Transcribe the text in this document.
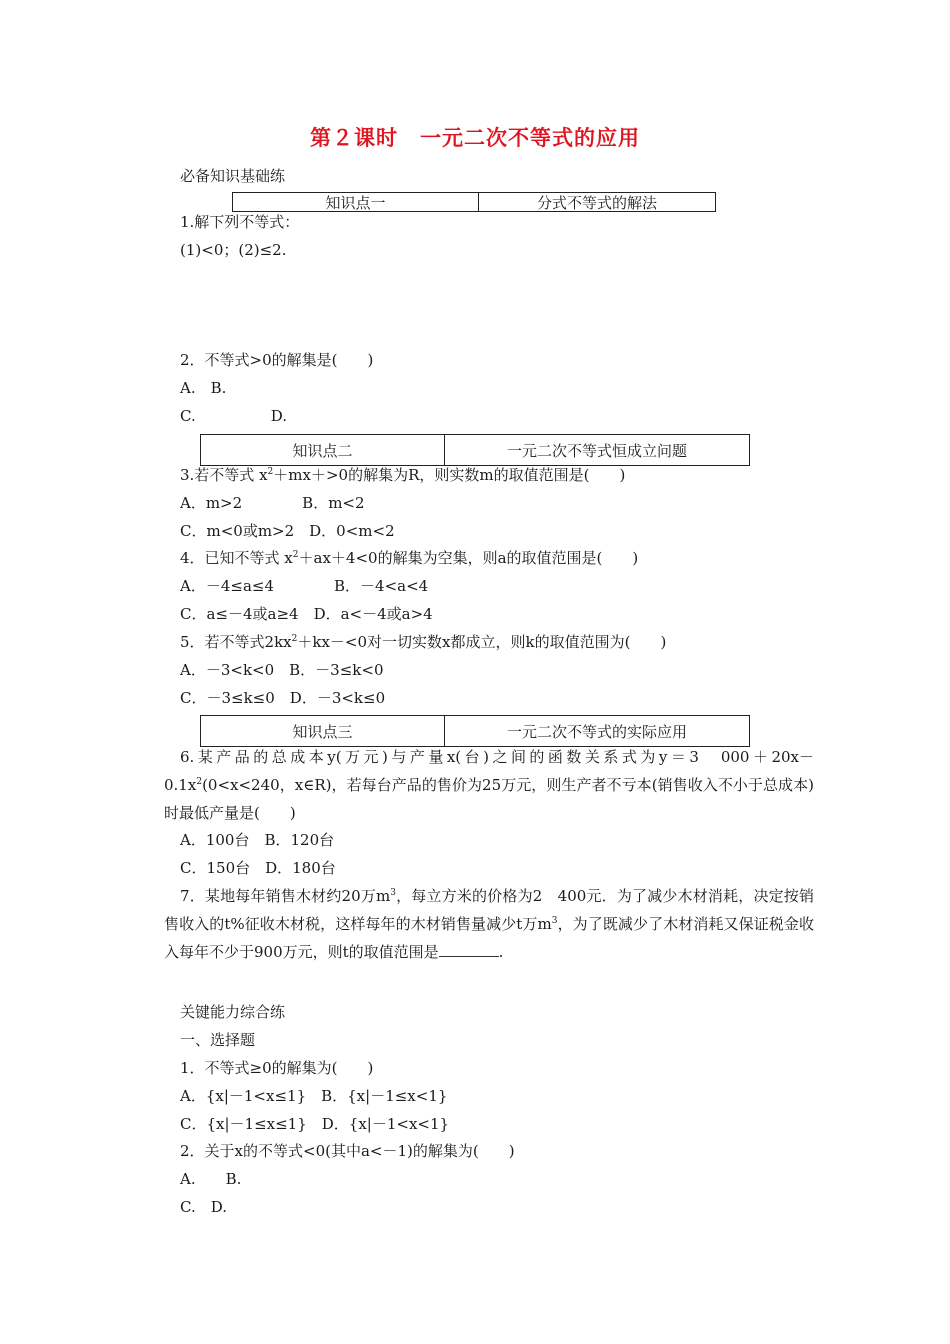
第２课时 一元二次不等式的应用
必备知识基础练
知识点一	分式不等式的解法
1.解下列不等式：
(1)<0；(2)≤2.
2．不等式>0的解集是(　　)
A.　B.
C.　　　　　D.
知识点二	一元二次不等式恒成立问题
3.若不等式 $x^2+mx+>0$的解集为R，则实数m的取值范围是(　　)
A．m>2　　　　B．m<2
C．m<0或m>2　D．0<m<2
4．已知不等式 $x^2+ax+4<0$的解集为空集，则a的取值范围是(　　)
A．－4≤a≤4　　　　B．－4<a<4
C．a≤－4或a≥4　D．a<－4或a>4
5．若不等式$2kx^2+kx-<0$对一切实数x都成立，则k的取值范围为(　　)
A．－3<k<0　B．－3≤k<0
C．－3≤k≤0　D．－3<k≤0
知识点三	一元二次不等式的实际应用
6.某产品的总成本y(万元)与产量x(台)之间的函数关系式为y＝3　$000+20x-0.1x^2(0<x<240$，x∈R)，若每台产品的售价为25万元，则生产者不亏本(销售收入不小于总成本)时最低产量是(　　)
A．100台　B．120台
C．150台　D．180台
7．某地每年销售木材约20万$m^3$，每立方米的价格为2　400元．为了减少木材消耗，决定按销售收入的t%征收木材税，这样每年的木材销售量减少t万$m^3$，为了既减少了木材消耗又保证税金收入每年不少于900万元，则t的取值范围是	.
关键能力综合练
一、选择题
1．不等式≥0的解集为(　　)
A．{x|－1<x≤1}　B．{x|－1≤x<1}
C．{x|－1≤x≤1}　D．{x|－1<x<1}
2．关于x的不等式<0(其中a<－1)的解集为(　　)
A.　　B.
C.　D.
